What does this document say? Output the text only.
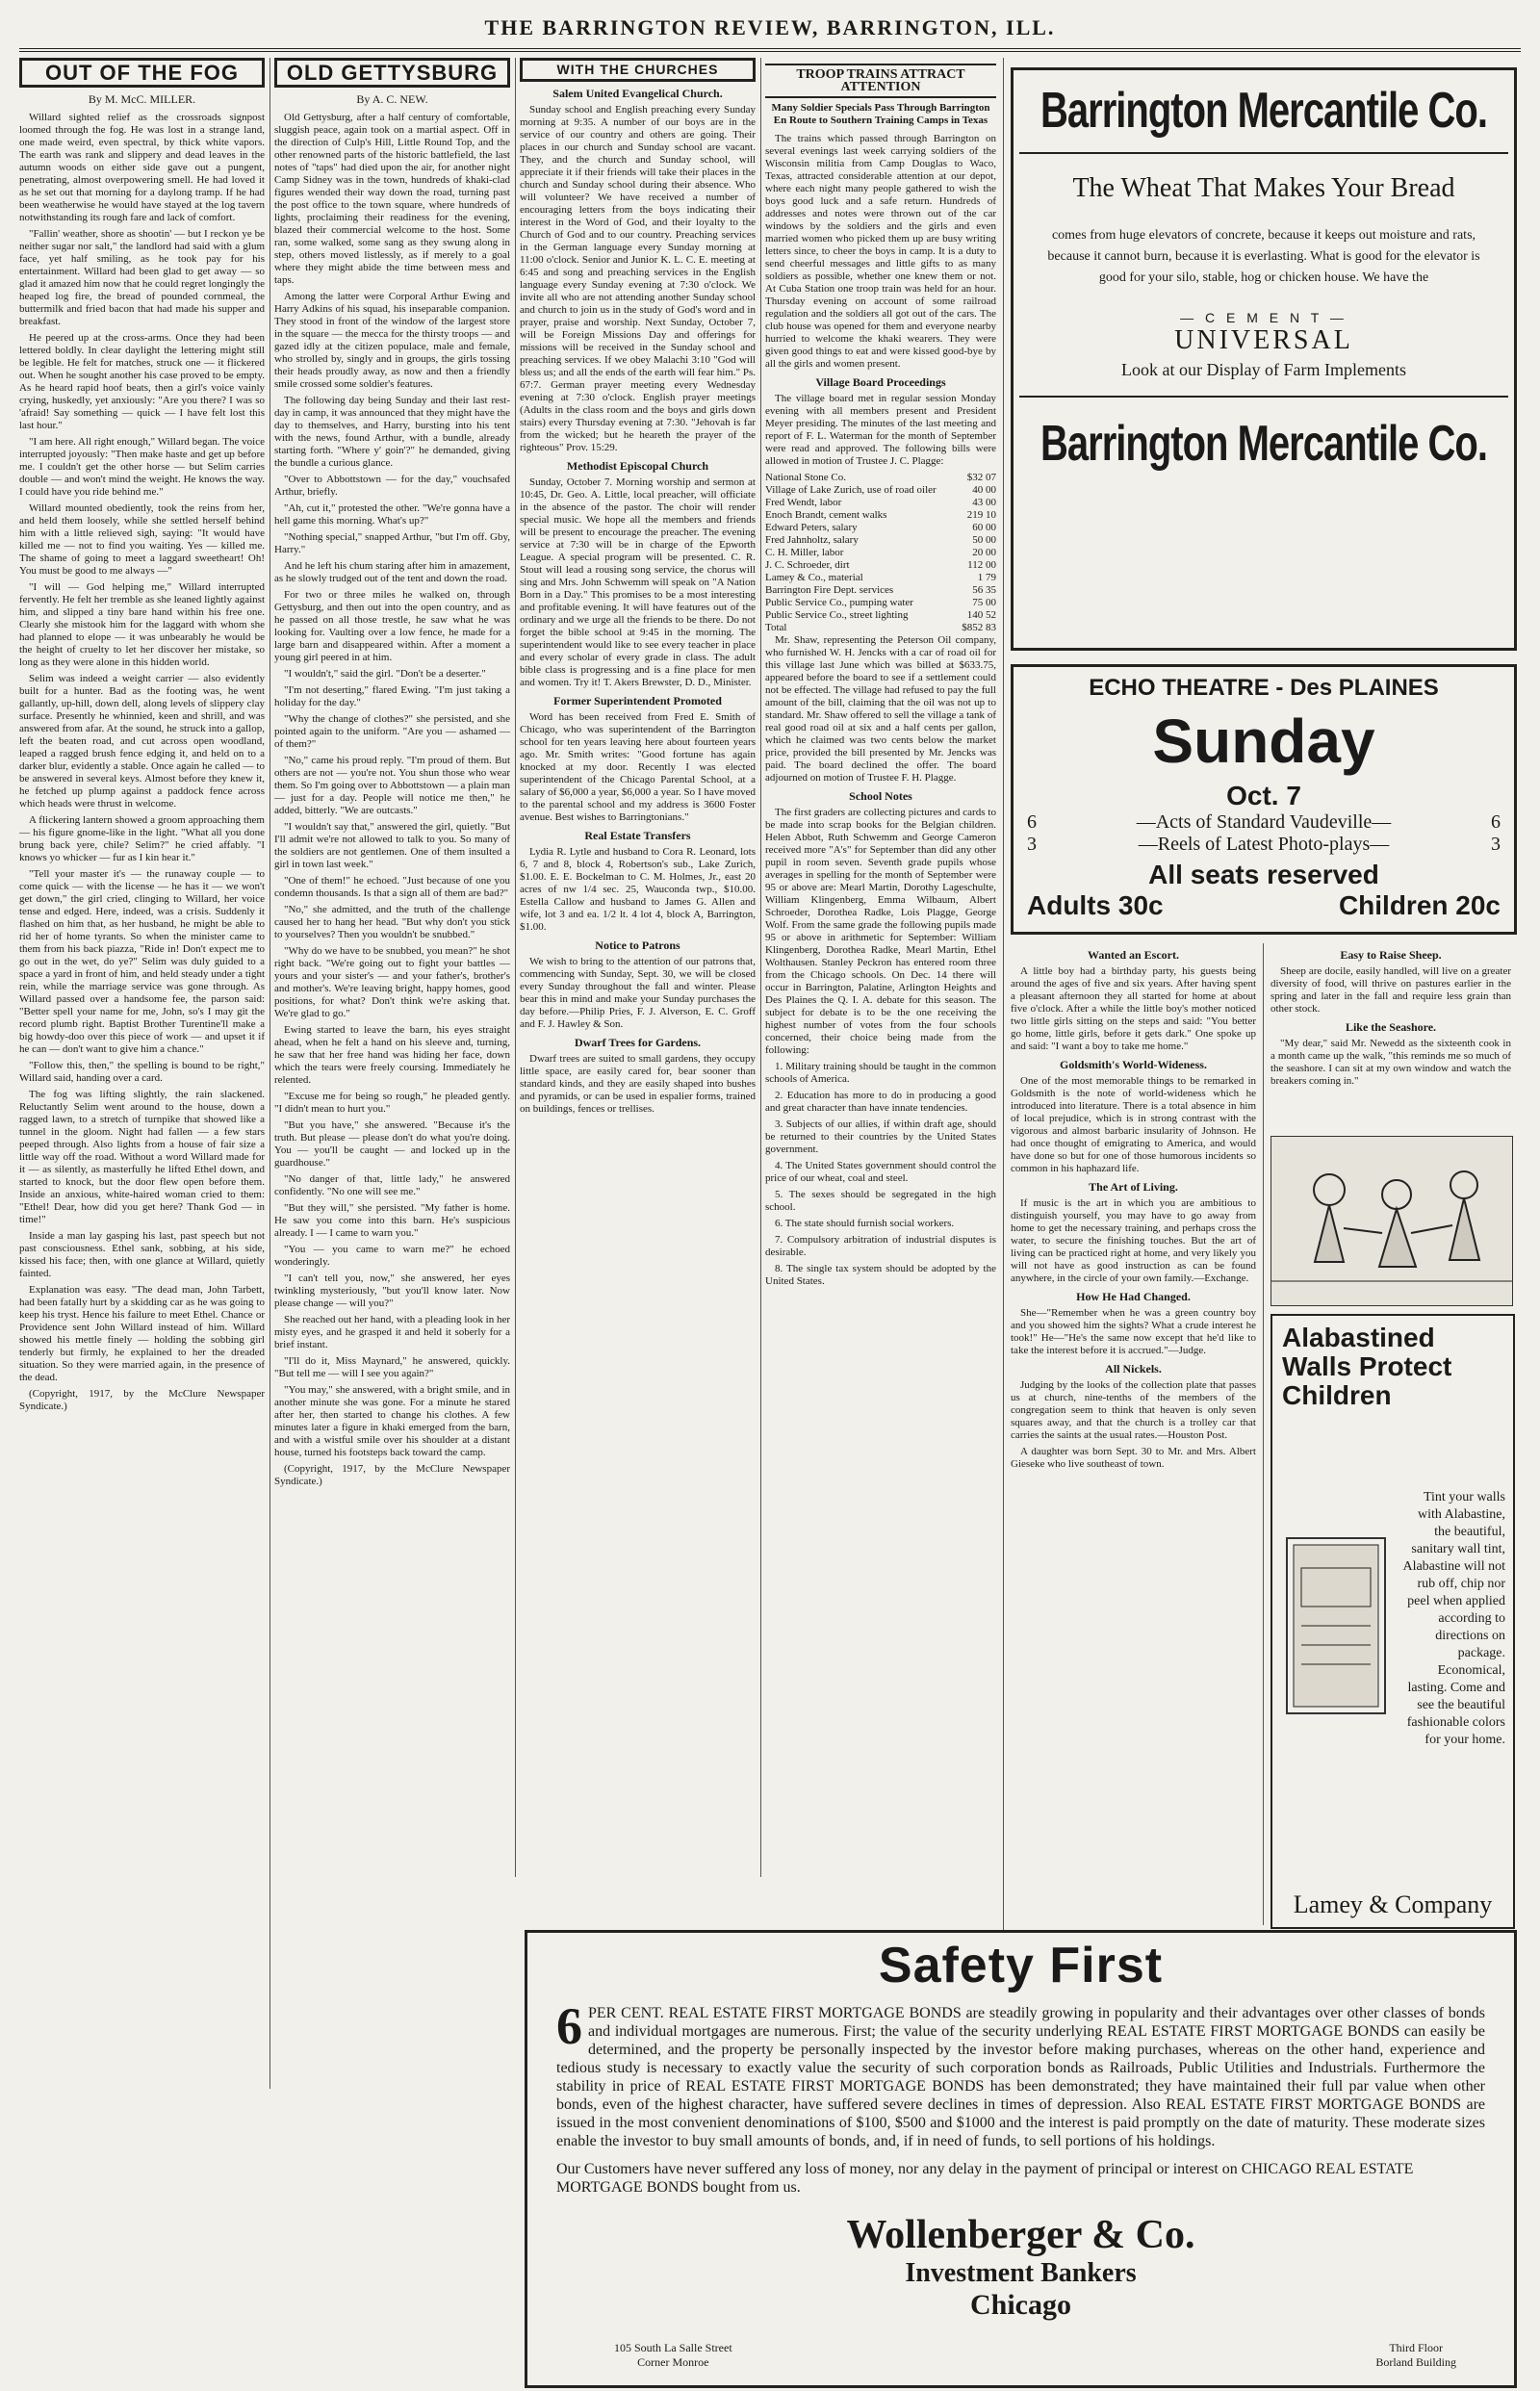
THE BARRINGTON REVIEW, BARRINGTON, ILL.
OUT OF THE FOG
By M. McC. MILLER.

Willard sighted relief as the crossroads signpost loomed through the fog. He was lost in a strange land, one made weird, even spectral, by thick white vapors. The earth was rank and slippery and dead leaves in the autumn woods on either side gave out a pungent, penetrating, almost overpowering smell. He had loved it as he set out that morning for a daylong tramp. If he had been weatherwise he would have stayed at the log tavern notwithstanding its rough fare and lack of comfort.

"Fallin' weather, shore as shootin' — but I reckon ye be neither sugar nor salt," the landlord had said with a glum face, yet half smiling, as he took pay for his entertainment. Willard had been glad to get away — so glad it amazed him now that he could regret longingly the heaped log fire, the bread of pounded cornmeal, the buttermilk and fried bacon that had made his supper and breakfast.

He peered up at the cross-arms. Once they had been lettered boldly. In clear daylight the lettering might still be legible. He felt for matches, struck one — it flickered out. When he sought another his case proved to be empty. As he heard rapid hoof beats, then a girl's voice vainly crying, huskedly, yet anxiously: "Are you there? I was so 'afraid! Say something — quick — I have felt lost this last hour."

"I am here. All right enough," Willard began. The voice interrupted joyously: "Then make haste and get up before me. I couldn't get the other horse — but Selim carries double — and won't mind the weight. He knows the way. I could have you ride behind me."

Willard mounted obediently, took the reins from her, and held them loosely, while she settled herself behind him with a little relieved sigh, saying: "It would have killed me — not to find you waiting. Yes — killed me. The shame of going to meet a laggard sweetheart! Oh! You must be good to me always —"

"I will — God helping me," Willard interrupted fervently. He felt her tremble as she leaned lightly against him, and slipped a tiny bare hand within his free one. Clearly she mistook him for the laggard with whom she had planned to elope — it was unbearably he would be the height of cruelty to let her discover her mistake, so long as they were alone in this hidden world.

Selim was indeed a weight carrier — also evidently built for a hunter. Bad as the footing was, he went gallantly, up-hill, down dell, along levels of slippery clay surface. Presently he whinnied, keen and shrill, and was answered from afar. At the sound, he struck into a gallop, left the beaten road, and cut across open woodland, leaped a ragged brush fence edging it, and held on to a darker blur, evidently a stable. Once again he called — to be answered in several keys. Almost before they knew it, he fetched up plump against a paddock fence across which heads were thrust in welcome.

A flickering lantern showed a groom approaching them — his figure gnome-like in the light. "What all you done brung back yere, chile? Selim?" he cried affably. "I knows yo whicker — fur as I kin hear it."

"Tell your master it's — the runaway couple — to come quick — with the license — he has it — we won't get down," the girl cried, clinging to Willard, her voice tense and edged. Here, indeed, was a crisis. Suddenly it flashed on him that, as her husband, he might be able to rid her of home tyrants. So when the minister came to them from his back piazza, "Ride in! Don't expect me to go out in the wet, do ye?" Selim was duly guided to a space a yard in front of him, and held steady under a tight rein, while the marriage service was gone through. As Willard passed over a handsome fee, the parson said: "Better spell your name for me, John, so's I may git the record plumb right. Baptist Brother Turentine'll make a big howdy-doo over this piece of work — and upset it if he can — don't want to give him a chance."

"Follow this, then," the spelling is bound to be right," Willard said, handing over a card.

The fog was lifting slightly, the rain slackened. Reluctantly Selim went around to the house, down a ragged lawn, to a stretch of turnpike that showed like a tunnel in the gloom. Night had fallen — a few stars peeped through. Also lights from a house of fair size a little way off the road. Without a word Willard made for it — as silently, as masterfully he lifted Ethel down, and started to knock, but the door flew open before them. Inside an anxious, white-haired woman cried to them: "Ethel! Dear, how did you get here? Thank God — in time!"

Inside a man lay gasping his last, past speech but not past consciousness. Ethel sank, sobbing, at his side, kissed his face; then, with one glance at Willard, quietly fainted.

Explanation was easy. "The dead man, John Tarbett, had been fatally hurt by a skidding car as he was going to keep his tryst. Hence his failure to meet Ethel. Chance or Providence sent John Willard instead of him. Willard showed his mettle finely — holding the sobbing girl tenderly but firmly, he explained to her the dreaded situation. So they were married again, in the presence of the dead.

(Copyright, 1917, by the McClure Newspaper Syndicate.)

OLD GETTYSBURG
By A. C. NEW.

Old Gettysburg, after a half century of comfortable, sluggish peace, again took on a martial aspect. Off in the direction of Culp's Hill, Little Round Top, and the other renowned parts of the historic battlefield, the last notes of "taps" had died upon the air, for another night Camp Sidney was in the town, hundreds of khaki-clad figures wended their way down the road, turning past the post office to the town square, where hundreds of lights, proclaiming their readiness for the evening, blazed their commercial welcome to the host. Some ran, some walked, some sang as they swung along in step, others moved listlessly, as if merely to a goal where they might abide the time between mess and taps.

Among the latter were Corporal Arthur Ewing and Harry Adkins of his squad, his inseparable companion. They stood in front of the window of the largest store in the square — the mecca for the thirsty troops — and gazed idly at the citizen populace, male and female, who strolled by, singly and in groups, the girls tossing their heads proudly away, as now and then a friendly smile crossed some soldier's features.

The following day being Sunday and their last rest-day in camp, it was announced that they might have the day to themselves, and Harry, bursting into his tent with the news, found Arthur, with a bundle, already starting forth. "Where y' goin'?" he demanded, giving the bundle a curious glance.

"Over to Abbottstown — for the day," vouchsafed Arthur, briefly.

"Ah, cut it," protested the other. "We're gonna have a hell game this morning. What's up?"

"Nothing special," snapped Arthur, "but I'm off. Gby, Harry."

And he left his chum staring after him in amazement, as he slowly trudged out of the tent and down the road.

For two or three miles he walked on, through Gettysburg, and then out into the open country, and as he passed on all those trestle, he saw what he was looking for. Vaulting over a low fence, he made for a large barn and disappeared within. After a moment a young girl peered in at him.

"I wouldn't," said the girl. "Don't be a deserter."

"I'm not deserting," flared Ewing. "I'm just taking a holiday for the day."

"Why the change of clothes?" she persisted, and she pointed again to the uniform. "Are you — ashamed — of them?"

"No," came his proud reply. "I'm proud of them. But others are not — you're not. You shun those who wear them. So I'm going over to Abbottstown — a plain man — just for a day. People will notice me then," he added, bitterly. "We are outcasts."

"I wouldn't say that," answered the girl, quietly. "But I'll admit we're not allowed to talk to you. So many of the soldiers are not gentlemen. One of them insulted a girl in town last week."

"One of them!" he echoed. "Just because of one you condemn thousands. Is that a sign all of them are bad?"

"No," she admitted, and the truth of the challenge caused her to hang her head. "But why don't you stick to yourselves? Then you wouldn't be snubbed."

"Why do we have to be snubbed, you mean?" he shot right back. "We're going out to fight your battles — yours and your sister's — and your father's, brother's and mother's. We're leaving bright, happy homes, good positions, for what? Don't think we're asking that. We're glad to go."

Ewing started to leave the barn, his eyes straight ahead, when he felt a hand on his sleeve and, turning, he saw that her free hand was hiding her face, down which the tears were freely coursing. Immediately he relented.

"Excuse me for being so rough," he pleaded gently. "I didn't mean to hurt you."

"But you have," she answered. "Because it's the truth. But please — please don't do what you're doing. You — you'll be caught — and locked up in the guardhouse."

"No danger of that, little lady," he answered confidently. "No one will see me."

"But they will," she persisted. "My father is home. He saw you come into this barn. He's suspicious already. I — I came to warn you."

"You — you came to warn me?" he echoed wonderingly.

"I can't tell you, now," she answered, her eyes twinkling mysteriously, "but you'll know later. Now please change — will you?"

She reached out her hand, with a pleading look in her misty eyes, and he grasped it and held it soberly for a brief instant.

"I'll do it, Miss Maynard," he answered, quickly. "But tell me — will I see you again?"

"You may," she answered, with a bright smile, and in another minute she was gone. For a minute he stared after her, then started to change his clothes. A few minutes later a figure in khaki emerged from the barn, and with a wistful smile over his shoulder at a distant house, turned his footsteps back toward the camp.

(Copyright, 1917, by the McClure Newspaper Syndicate.)

WITH THE CHURCHES
Salem United Evangelical Church.

Sunday school and English preaching every Sunday morning at 9:35. A number of our boys are in the service of our country and others are going. Their places in our church and Sunday school are vacant. They, and the church and Sunday school, will appreciate it if their friends will take their places in the church and Sunday school during their absence. Who will volunteer? We have received a number of encouraging letters from the boys indicating their interest in the Word of God, and their loyalty to the Church of God and to our country. Preaching services in the German language every Sunday morning at 11:00 o'clock. Senior and Junior K. L. C. E. meeting at 6:45 and song and preaching services in the English language every Sunday evening at 7:30 o'clock. We invite all who are not attending another Sunday school and church to join us in the study of God's word and in prayer, praise and worship. Next Sunday, October 7, will be Foreign Missions Day and offerings for missions will be received in the Sunday school and preaching services. If we obey Malachi 3:10 "God will bless us; and all the ends of the earth will fear him." Ps. 67:7. German prayer meeting every Wednesday evening at 7:30 o'clock. English prayer meetings (Adults in the class room and the boys and girls down stairs) every Thursday evening at 7:30. "Jehovah is far from the wicked; but he heareth the prayer of the righteous" Prov. 15:29.

Methodist Episcopal Church

Sunday, October 7. Morning worship and sermon at 10:45, Dr. Geo. A. Little, local preacher, will officiate in the absence of the pastor. The choir will render special music. We hope all the members and friends will be present to encourage the preacher. The evening service at 7:30 will be in charge of the Epworth League. A special program will be presented. C. R. Stout will lead a rousing song service, the chorus will sing and Mrs. John Schwemm will speak on "A Nation Born in a Day." This promises to be a most interesting and profitable evening. It will have features out of the ordinary and we urge all the friends to be there. Do not forget the bible school at 9:45 in the morning. The superintendent would like to see every teacher in place and every scholar of every grade in class. The adult bible class is progressing and is a fine place for men and women. Try it! T. Akers Brewster, D. D., Minister.

Former Superintendent Promoted

Word has been received from Fred E. Smith of Chicago, who was superintendent of the Barrington school for ten years leaving here about fourteen years ago. Mr. Smith writes: "Good fortune has again knocked at my door. Recently I was elected superintendent of the Chicago Parental School, at a salary of $6,000 a year, $6,000 a year. So I have moved to the parental school and my address is 3600 Foster avenue. Best wishes to Barringtonians."

Real Estate Transfers

Lydia R. Lytle and husband to Cora R. Leonard, lots 6, 7 and 8, block 4, Robertson's sub., Lake Zurich, $1.00. E. E. Bockelman to C. M. Holmes, Jr., east 20 acres of nw 1/4 sec. 25, Wauconda twp., $10.00. Estella Callow and husband to James G. Allen and wife, lot 3 and ea. 1/2 lt. 4 lot 4, block A, Barrington, $1.00.

Notice to Patrons

We wish to bring to the attention of our patrons that, commencing with Sunday, Sept. 30, we will be closed every Sunday throughout the fall and winter. Please bear this in mind and make your Sunday purchases the day before.—Philip Pries, F. J. Alverson, E. C. Groff and F. J. Hawley & Son.

Dwarf Trees for Gardens.

Dwarf trees are suited to small gardens, they occupy little space, are easily cared for, bear sooner than standard kinds, and they are easily shaped into bushes and pyramids, or can be used in espalier forms, trained on buildings, fences or trellises.

TROOP TRAINS ATTRACT ATTENTION
Many Soldier Specials Pass Through Barrington En Route to Southern Training Camps in Texas

The trains which passed through Barrington on several evenings last week carrying soldiers of the Wisconsin militia from Camp Douglas to Waco, Texas, attracted considerable attention at our depot, where each night many people gathered to wish the boys good luck and a safe return. Hundreds of addresses and notes were thrown out of the car windows by the soldiers and the girls and even married women who picked them up are busy writing letters since, to cheer the boys in camp. It is a duty to send cheerful messages and little gifts to as many soldiers as possible, whether one knew them or not. At Cuba Station one troop train was held for an hour. Thursday evening on account of some railroad regulation and the soldiers all got out of the cars. The club house was opened for them and everyone nearby hurried to welcome the khaki wearers. They were given good things to eat and were kissed good-bye by all the girls and women present.

Village Board Proceedings

The village board met in regular session Monday evening with all members present and President Meyer presiding. The minutes of the last meeting and report of F. L. Waterman for the month of September were read and approved. The following bills were allowed in motion of Trustee J. C. Plagge:

National Stone Co.	$32 07
Village of Lake Zurich, use of road oiler	40 00
Fred Wendt, labor	43 00
Enoch Brandt, cement walks	219 10
Edward Peters, salary	60 00
Fred Jahnholtz, salary	50 00
C. H. Miller, labor	20 00
J. C. Schroeder, dirt	112 00
Lamey & Co., material	1 79
Barrington Fire Dept. services	56 35
Public Service Co., pumping water	75 00
Public Service Co., street lighting	140 52
Total	$852 83

Mr. Shaw, representing the Peterson Oil company, who furnished W. H. Jencks with a car of road oil for this village last June which was billed at $633.75, appeared before the board to see if a settlement could not be effected. The village had refused to pay the full amount of the bill, claiming that the oil was not up to standard. Mr. Shaw offered to sell the village a tank of real good road oil at six and a half cents per gallon, which he claimed was two cents below the market price, provided the bill presented by Mr. Jencks was paid. The board declined the offer. The board adjourned on motion of Trustee F. H. Plagge.

School Notes

The first graders are collecting pictures and cards to be made into scrap books for the Belgian children. Helen Abbot, Ruth Schwemm and George Cameron received more "A's" for September than did any other pupil in room seven. Seventh grade pupils whose averages in spelling for the month of September were 95 or above are: Mearl Martin, Dorothy Lageschulte, William Klingenberg, Emma Wilbaum, Albert Schroeder, Dorothea Radke, Lois Plagge, George Wolf. From the same grade the following pupils made 95 or above in arithmetic for September: William Klingenberg, Dorothea Radke, Mearl Martin, Ethel Wolthausen. Stanley Peckron has entered room three from the Chicago schools. On Dec. 14 there will occur in Barrington, Palatine, Arlington Heights and Des Plaines the Q. I. A. debate for this season. The subject for debate is to be the one receiving the highest number of votes from the four schools concerned, their choice being made from the following:

1. Military training should be taught in the common schools of America.

2. Education has more to do in producing a good and great character than have innate tendencies.

3. Subjects of our allies, if within draft age, should be returned to their countries by the United States government.

4. The United States government should control the price of our wheat, coal and steel.

5. The sexes should be segregated in the high school.

6. The state should furnish social workers.

7. Compulsory arbitration of industrial disputes is desirable.

8. The single tax system should be adopted by the United States.

Barrington Mercantile Co.
The Wheat That Makes Your Bread
comes from huge elevators of concrete, because it keeps out moisture and rats, because it cannot burn, because it is everlasting. What is good for the elevator is good for your silo, stable, hog or chicken house. We have the
— C E M E N T —
UNIVERSAL
Look at our Display of Farm Implements
Barrington Mercantile Co.
ECHO THEATRE - Des PLAINES
Sunday
Oct. 7
6	—Acts of Standard Vaudeville—	6
3	—Reels of Latest Photo-plays—	3
All seats reserved
Adults 30c	Children 20c
Wanted an Escort.

A little boy had a birthday party, his guests being around the ages of five and six years. After having spent a pleasant afternoon they all started for home at about five o'clock. After a while the little boy's mother noticed two little girls sitting on the steps and said: "You better go home, little girls, before it gets dark." One spoke up and said: "I want a boy to take me home."

Goldsmith's World-Wideness.

One of the most memorable things to be remarked in Goldsmith is the note of world-wideness which he introduced into literature. There is a total absence in him of local prejudice, which is in strong contrast with the vigorous and almost barbaric insularity of Johnson. He had once thought of emigrating to America, and would have done so but for one of those humorous incidents so common in his haphazard life.

The Art of Living.

If music is the art in which you are ambitious to distinguish yourself, you may have to go away from home to get the necessary training, and perhaps cross the water, to secure the finishing touches. But the art of living can be practiced right at home, and very likely you will not have as good instruction as can be found anywhere, in the circle of your own family.—Exchange.

How He Had Changed.

She—"Remember when he was a green country boy and you showed him the sights? What a crude interest he took!" He—"He's the same now except that he'd like to take the interest before it is accrued."—Judge.

All Nickels.

Judging by the looks of the collection plate that passes us at church, nine-tenths of the members of the congregation seem to think that heaven is only seven squares away, and that the church is a trolley car that carries the saints at the usual rates.—Houston Post.

A daughter was born Sept. 30 to Mr. and Mrs. Albert Gieseke who live southeast of town.

Easy to Raise Sheep.

Sheep are docile, easily handled, will live on a greater diversity of food, will thrive on pastures earlier in the spring and later in the fall and require less grain than other stock.

Like the Seashore.

"My dear," said Mr. Newedd as the sixteenth cook in a month came up the walk, "this reminds me so much of the seashore. I can sit at my own window and watch the breakers coming in."

Alabastined Walls Protect Children
Tint your walls with Alabastine, the beautiful, sanitary wall tint, Alabastine will not rub off, chip nor peel when applied according to directions on package. Economical, lasting. Come and see the beautiful fashionable colors for your home.
Lamey & Company
Safety First
6 PER CENT. REAL ESTATE FIRST MORTGAGE BONDS are steadily growing in popularity and their advantages over other classes of bonds and individual mortgages are numerous. First; the value of the security underlying REAL ESTATE FIRST MORTGAGE BONDS can easily be determined, and the property be personally inspected by the investor before making purchases, whereas on the other hand, experience and tedious study is necessary to exactly value the security of such corporation bonds as Railroads, Public Utilities and Industrials. Furthermore the stability in price of REAL ESTATE FIRST MORTGAGE BONDS has been demonstrated; they have maintained their full par value when other bonds, even of the highest character, have suffered severe declines in times of depression. Also REAL ESTATE FIRST MORTGAGE BONDS are issued in the most convenient denominations of $100, $500 and $1000 and the interest is paid promptly on the date of maturity. These moderate sizes enable the investor to buy small amounts of bonds, and, if in need of funds, to sell portions of his holdings.
Our Customers have never suffered any loss of money, nor any delay in the payment of principal or interest on CHICAGO REAL ESTATE MORTGAGE BONDS bought from us.
Wollenberger & Co.
Investment Bankers
Chicago
105 South La Salle Street
Corner Monroe
Third Floor
Borland Building
